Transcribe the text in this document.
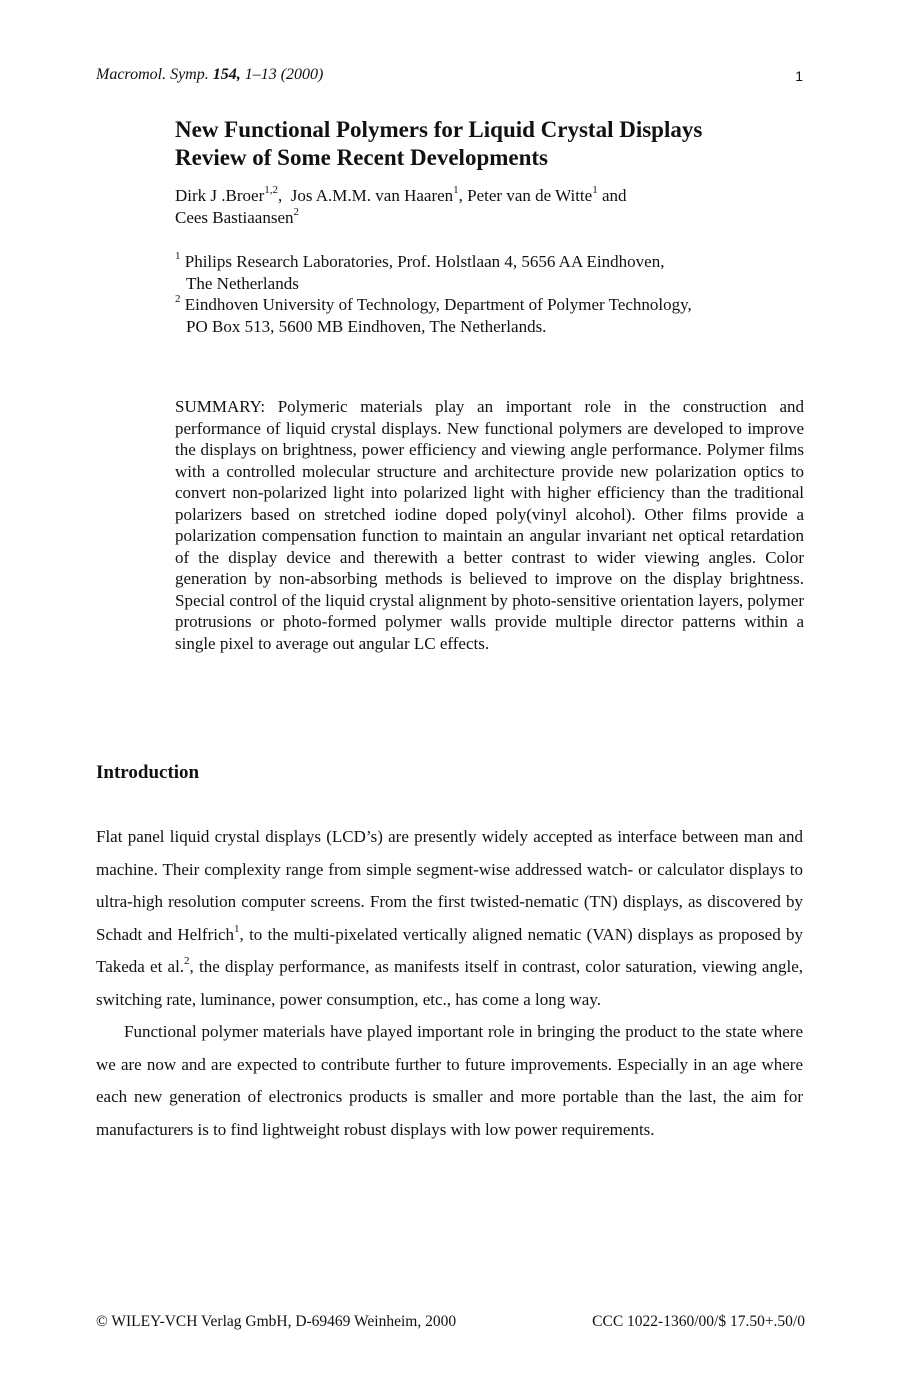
Macromol. Symp. 154, 1–13 (2000)	1
New Functional Polymers for Liquid Crystal Displays
Review of Some Recent Developments
Dirk J .Broer$^{1,2}$,  Jos A.M.M. van Haaren$^1$, Peter van de Witte$^1$ and
Cees Bastiaansen$^2$
$^1$ Philips Research Laboratories, Prof. Holstlaan 4, 5656 AA Eindhoven,
The Netherlands
$^2$ Eindhoven University of Technology, Department of Polymer Technology,
PO Box 513, 5600 MB Eindhoven, The Netherlands.

SUMMARY: Polymeric materials play an important role in the construction and performance of liquid crystal displays. New functional polymers are developed to improve the displays on brightness, power efficiency and viewing angle performance. Polymer films with a controlled molecular structure and architecture provide new polarization optics to convert non-polarized light into polarized light with higher efficiency than the traditional polarizers based on stretched iodine doped poly(vinyl alcohol). Other films provide a polarization compensation function to maintain an angular invariant net optical retardation of the display device and therewith a better contrast to wider viewing angles. Color generation by non-absorbing methods is believed to improve on the display brightness. Special control of the liquid crystal alignment by photo-sensitive orientation layers, polymer protrusions or photo-formed polymer walls provide multiple director patterns within a single pixel to average out angular LC effects.

Introduction

Flat panel liquid crystal displays (LCD’s) are presently widely accepted as interface between man and machine. Their complexity range from simple segment-wise addressed watch- or calculator displays to ultra-high resolution computer screens. From the first twisted-nematic (TN) displays, as discovered by Schadt and Helfrich$^1$, to the multi-pixelated vertically aligned nematic (VAN) displays as proposed by Takeda et al.$^2$, the display performance, as manifests itself in contrast, color saturation, viewing angle, switching rate, luminance, power consumption, etc., has come a long way.

Functional polymer materials have played important role in bringing the product to the state where we are now and are expected to contribute further to future improvements. Especially in an age where each new generation of electronics products is smaller and more portable than the last, the aim for manufacturers is to find lightweight robust displays with low power requirements.

© WILEY-VCH Verlag GmbH, D-69469 Weinheim, 2000	CCC 1022-1360/00/$ 17.50+.50/0
